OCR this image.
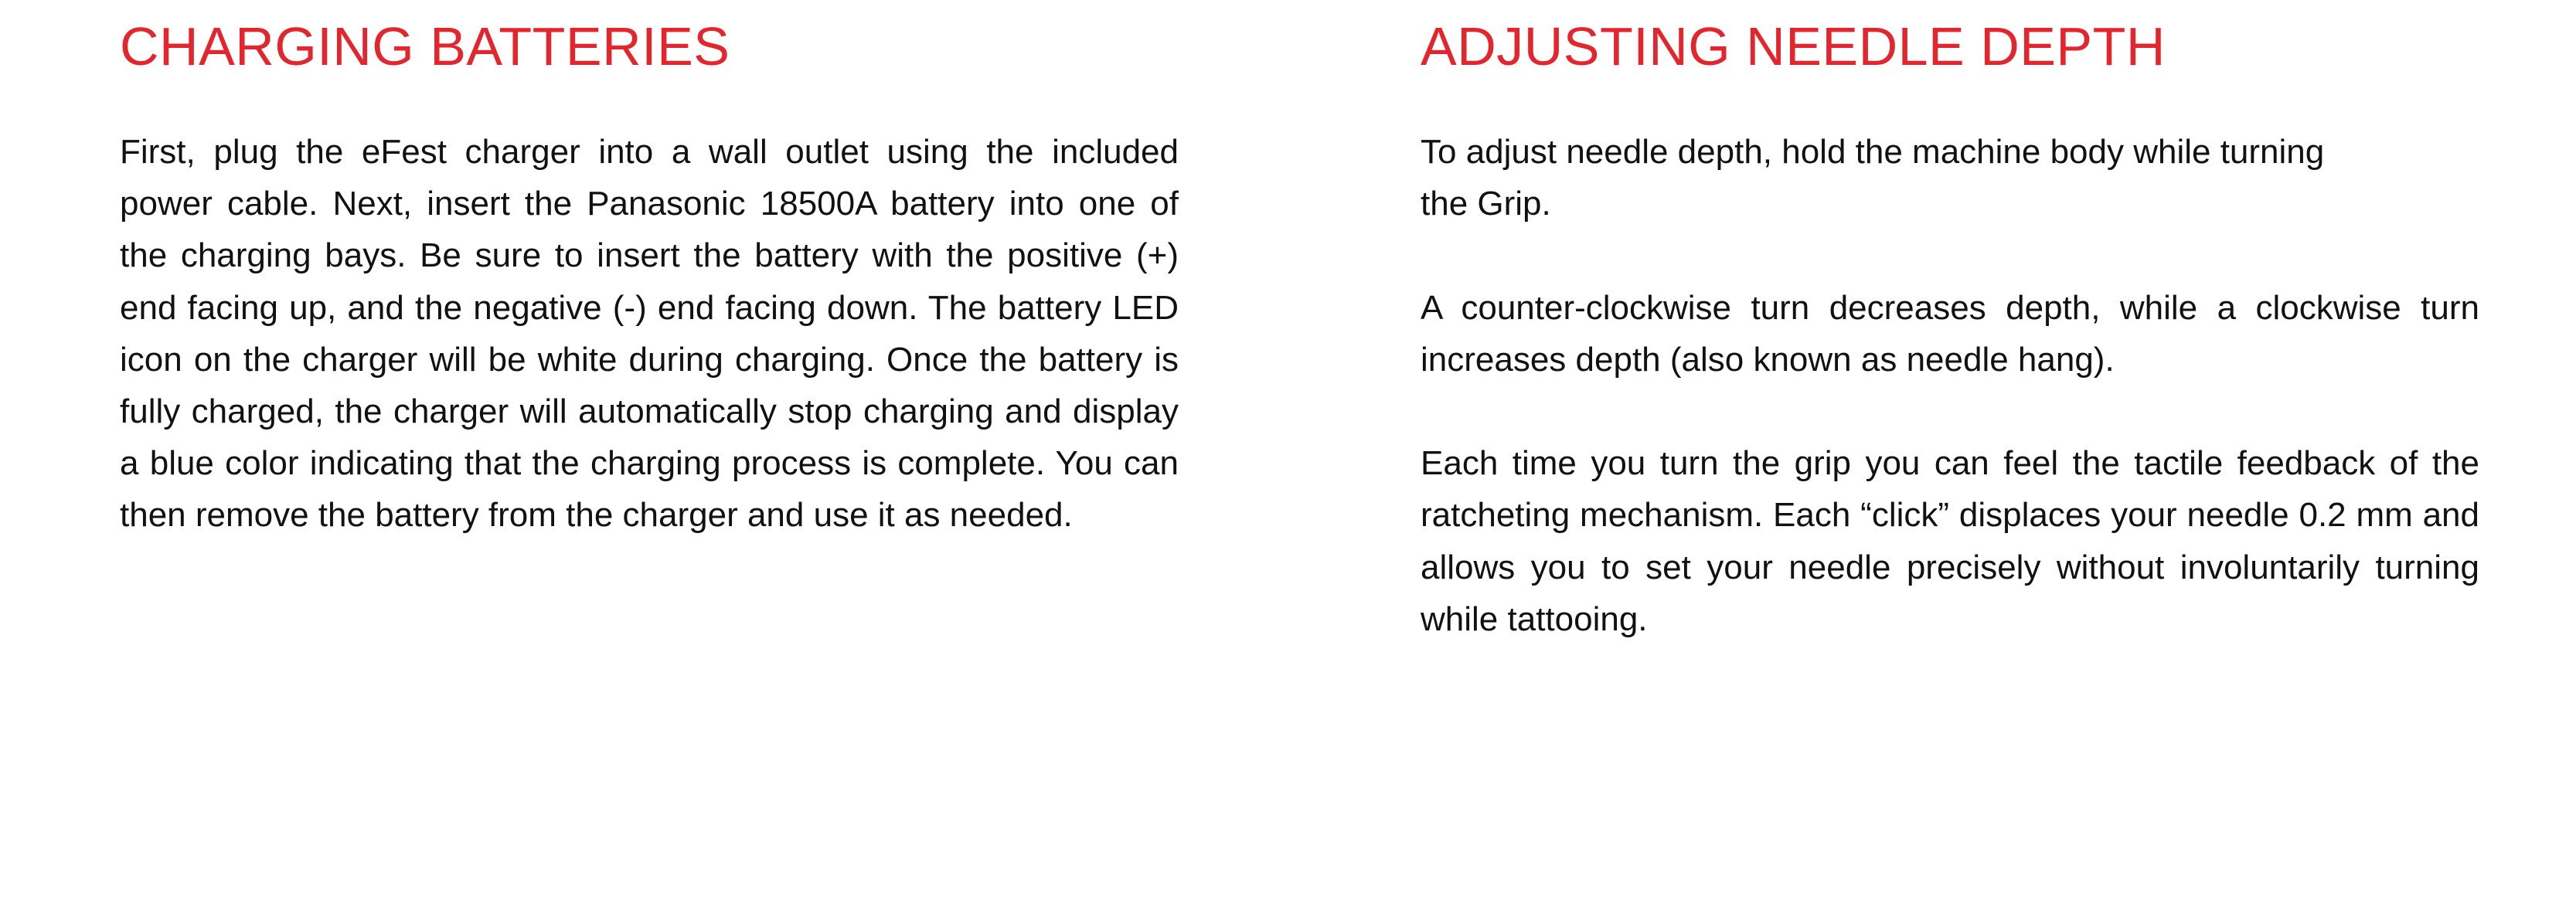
CHARGING BATTERIES

First, plug the eFest charger into a wall outlet using the included power cable. Next, insert the Panasonic 18500A battery into one of the charging bays. Be sure to insert the battery with the positive (+) end facing up, and the negative (-) end facing down. The battery LED icon on the charger will be white during charging. Once the battery is fully charged, the charger will automatically stop charging and display a blue color indicating that the charging process is complete. You can then remove the battery from the charger and use it as needed.

ADJUSTING NEEDLE DEPTH

To adjust needle depth, hold the machine body while turning the Grip.

A counter-clockwise turn decreases depth, while a clockwise turn increases depth (also known as needle hang).

Each time you turn the grip you can feel the tactile feedback of the ratcheting mechanism. Each “click” displaces your needle 0.2 mm and allows you to set your needle precisely without involuntarily turning while tattooing.
